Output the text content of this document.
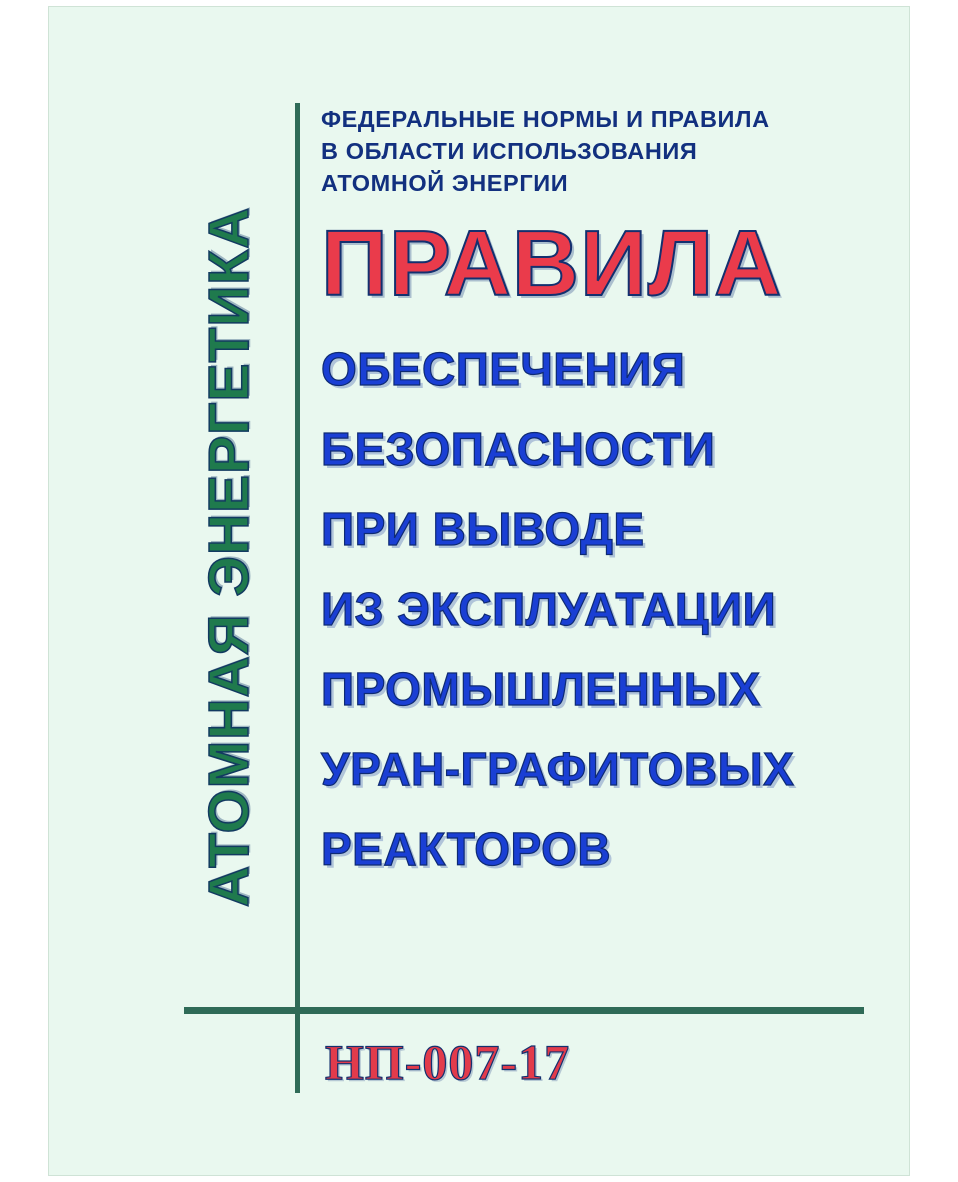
АТОМНАЯ ЭНЕРГЕТИКА
ФЕДЕРАЛЬНЫЕ НОРМЫ И ПРАВИЛА
В ОБЛАСТИ ИСПОЛЬЗОВАНИЯ
АТОМНОЙ ЭНЕРГИИ
ПРАВИЛА
ОБЕСПЕЧЕНИЯ
БЕЗОПАСНОСТИ
ПРИ ВЫВОДЕ
ИЗ ЭКСПЛУАТАЦИИ
ПРОМЫШЛЕННЫХ
УРАН-ГРАФИТОВЫХ
РЕАКТОРОВ
НП-007-17
